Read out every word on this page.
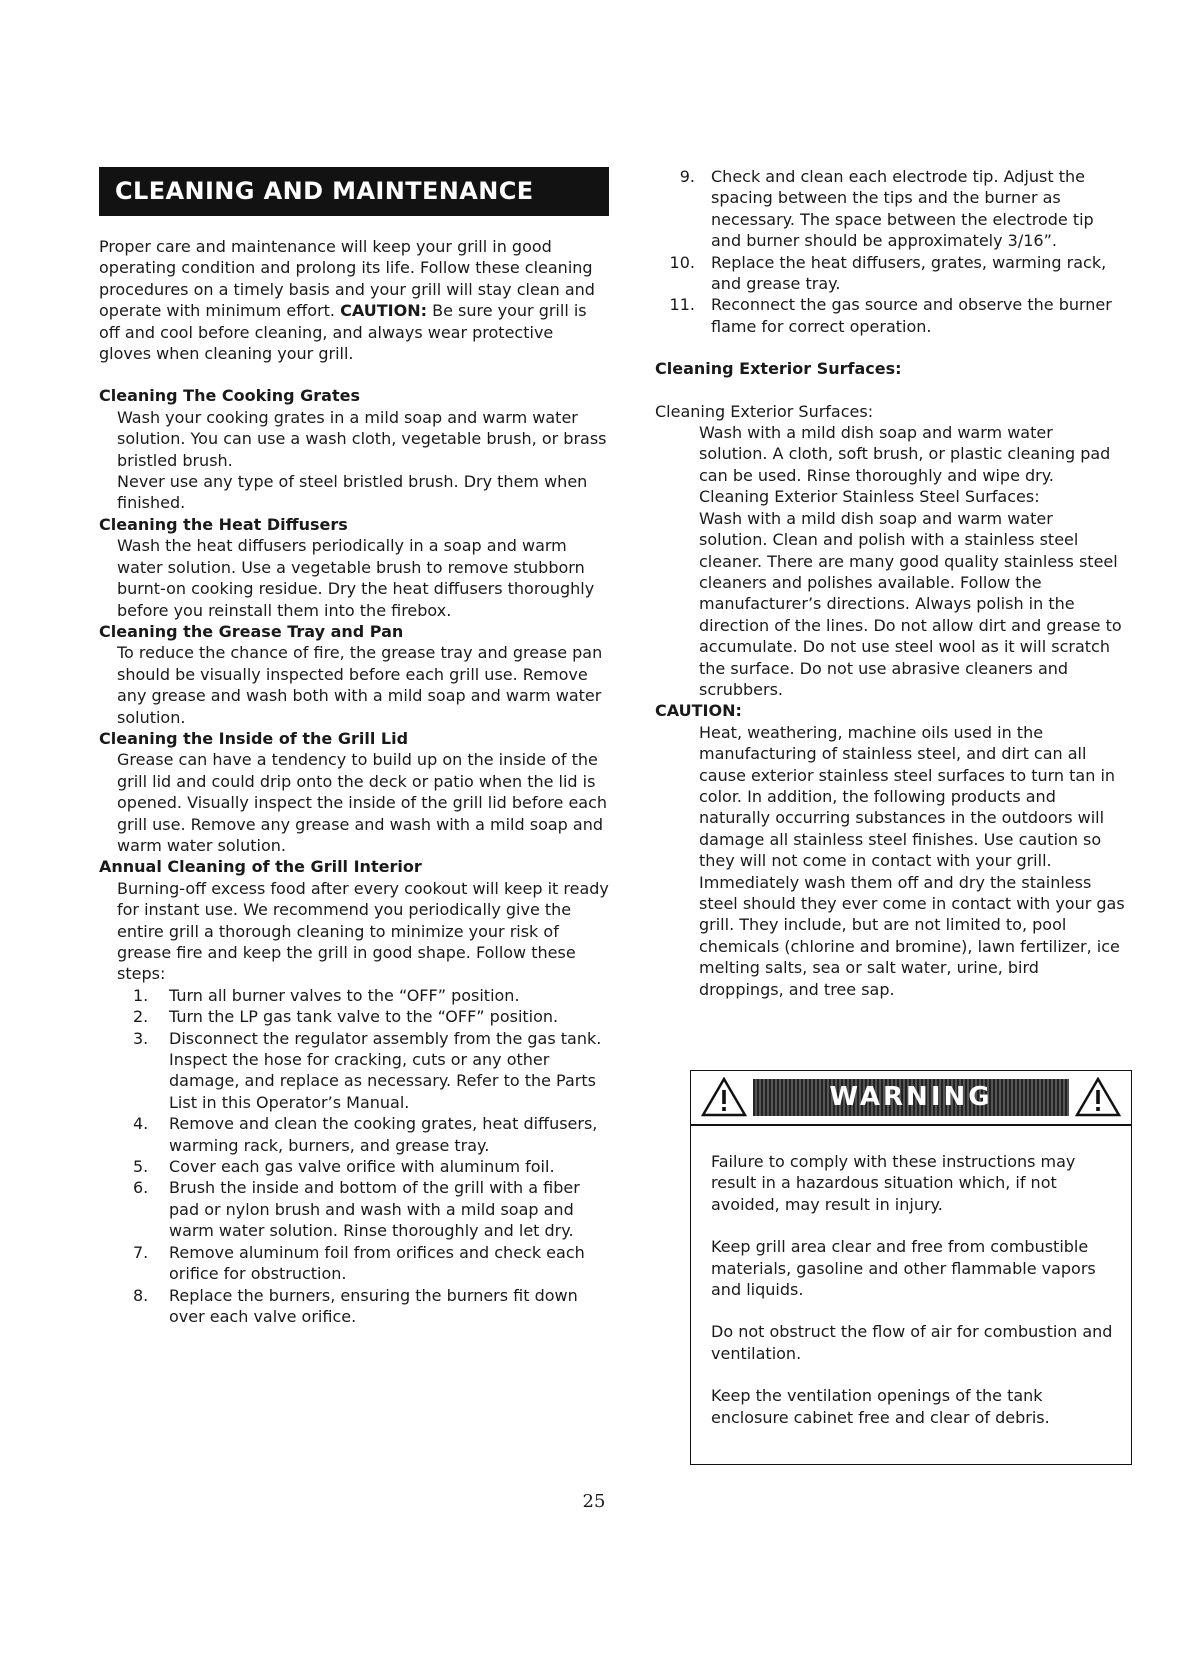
CLEANING AND MAINTENANCE

Proper care and maintenance will keep your grill in good operating condition and prolong its life. Follow these cleaning procedures on a timely basis and your grill will stay clean and operate with minimum effort. CAUTION: Be sure your grill is off and cool before cleaning, and always wear protective gloves when cleaning your grill.

Cleaning The Cooking Grates
Wash your cooking grates in a mild soap and warm water solution. You can use a wash cloth, vegetable brush, or brass bristled brush.
Never use any type of steel bristled brush. Dry them when finished.
Cleaning the Heat Diffusers
Wash the heat diffusers periodically in a soap and warm water solution. Use a vegetable brush to remove stubborn burnt-on cooking residue. Dry the heat diffusers thoroughly before you reinstall them into the firebox.
Cleaning the Grease Tray and Pan
To reduce the chance of fire, the grease tray and grease pan should be visually inspected before each grill use. Remove any grease and wash both with a mild soap and warm water solution.
Cleaning the Inside of the Grill Lid
Grease can have a tendency to build up on the inside of the grill lid and could drip onto the deck or patio when the lid is opened. Visually inspect the inside of the grill lid before each grill use. Remove any grease and wash with a mild soap and warm water solution.
Annual Cleaning of the Grill Interior
Burning-off excess food after every cookout will keep it ready for instant use. We recommend you periodically give the entire grill a thorough cleaning to minimize your risk of grease fire and keep the grill in good shape. Follow these steps:
1. Turn all burner valves to the “OFF” position.
2. Turn the LP gas tank valve to the “OFF” position.
3. Disconnect the regulator assembly from the gas tank. Inspect the hose for cracking, cuts or any other damage, and replace as necessary. Refer to the Parts List in this Operator’s Manual.
4. Remove and clean the cooking grates, heat diffusers, warming rack, burners, and grease tray.
5. Cover each gas valve orifice with aluminum foil.
6. Brush the inside and bottom of the grill with a fiber pad or nylon brush and wash with a mild soap and warm water solution. Rinse thoroughly and let dry.
7. Remove aluminum foil from orifices and check each orifice for obstruction.
8. Replace the burners, ensuring the burners fit down over each valve orifice.
9. Check and clean each electrode tip. Adjust the spacing between the tips and the burner as necessary. The space between the electrode tip and burner should be approximately 3/16”.
10. Replace the heat diffusers, grates, warming rack, and grease tray.
11. Reconnect the gas source and observe the burner flame for correct operation.
Cleaning Exterior Surfaces:
Cleaning Exterior Surfaces:
Wash with a mild dish soap and warm water solution. A cloth, soft brush, or plastic cleaning pad can be used. Rinse thoroughly and wipe dry.
Cleaning Exterior Stainless Steel Surfaces:
Wash with a mild dish soap and warm water solution. Clean and polish with a stainless steel cleaner. There are many good quality stainless steel cleaners and polishes available. Follow the manufacturer’s directions. Always polish in the direction of the lines. Do not allow dirt and grease to accumulate. Do not use steel wool as it will scratch the surface. Do not use abrasive cleaners and scrubbers.
CAUTION:
Heat, weathering, machine oils used in the manufacturing of stainless steel, and dirt can all cause exterior stainless steel surfaces to turn tan in color. In addition, the following products and naturally occurring substances in the outdoors will damage all stainless steel finishes. Use caution so they will not come in contact with your grill. Immediately wash them off and dry the stainless steel should they ever come in contact with your gas grill. They include, but are not limited to, pool chemicals (chlorine and bromine), lawn fertilizer, ice melting salts, sea or salt water, urine, bird droppings, and tree sap.
WARNING

Failure to comply with these instructions may result in a hazardous situation which, if not avoided, may result in injury.

Keep grill area clear and free from combustible materials, gasoline and other flammable vapors and liquids.

Do not obstruct the flow of air for combustion and ventilation.

Keep the ventilation openings of the tank enclosure cabinet free and clear of debris.

25
